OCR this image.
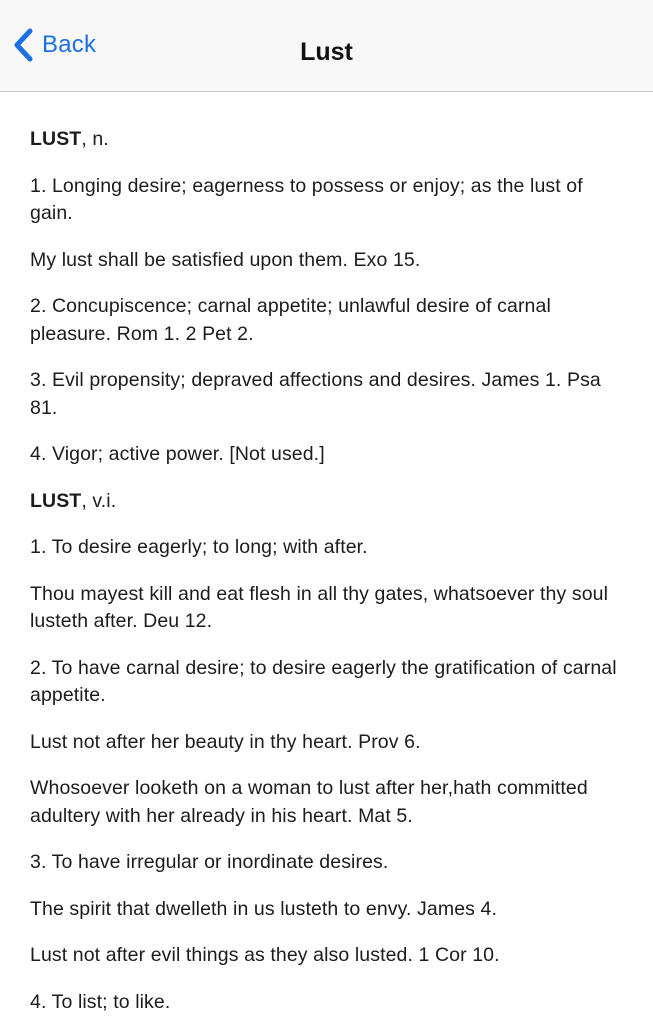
Back	Lust

LUST, n.

1. Longing desire; eagerness to possess or enjoy; as the lust of gain.

My lust shall be satisfied upon them. Exo 15.

2. Concupiscence; carnal appetite; unlawful desire of carnal pleasure. Rom 1. 2 Pet 2.

3. Evil propensity; depraved affections and desires. James 1. Psa 81.

4. Vigor; active power. [Not used.]

LUST, v.i.

1. To desire eagerly; to long; with after.

Thou mayest kill and eat flesh in all thy gates, whatsoever thy soul lusteth after. Deu 12.

2. To have carnal desire; to desire eagerly the gratification of carnal appetite.

Lust not after her beauty in thy heart. Prov 6.

Whosoever looketh on a woman to lust after her,hath committed adultery with her already in his heart. Mat 5.

3. To have irregular or inordinate desires.

The spirit that dwelleth in us lusteth to envy. James 4.

Lust not after evil things as they also lusted. 1 Cor 10.

4. To list; to like.
